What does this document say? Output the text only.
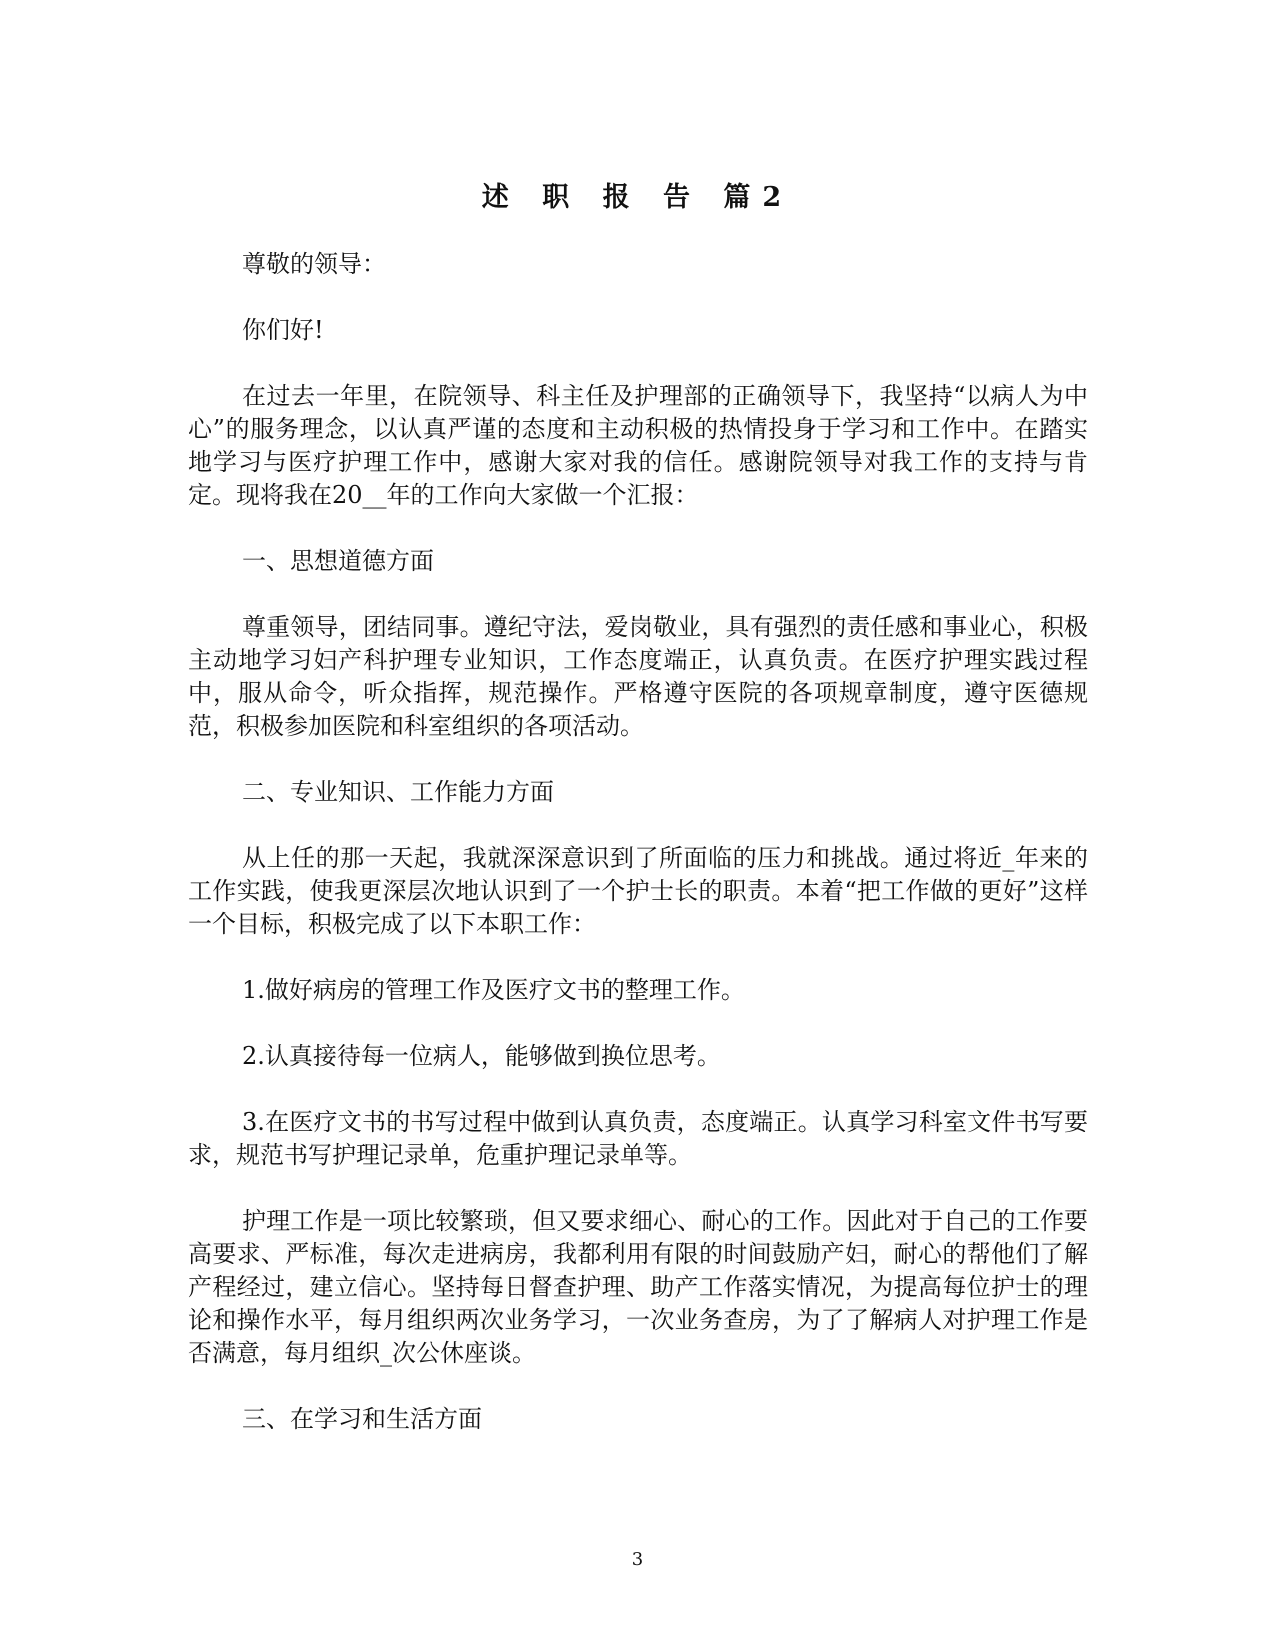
述 职 报 告 篇2

尊敬的领导：

你们好!

在过去一年里，在院领导、科主任及护理部的正确领导下，我坚持“以病人为中心”的服务理念，以认真严谨的态度和主动积极的热情投身于学习和工作中。在踏实地学习与医疗护理工作中，感谢大家对我的信任。感谢院领导对我工作的支持与肯定。现将我在20__年的工作向大家做一个汇报：

一、思想道德方面

尊重领导，团结同事。遵纪守法，爱岗敬业，具有强烈的责任感和事业心，积极主动地学习妇产科护理专业知识，工作态度端正，认真负责。在医疗护理实践过程中，服从命令，听众指挥，规范操作。严格遵守医院的各项规章制度，遵守医德规范，积极参加医院和科室组织的各项活动。

二、专业知识、工作能力方面

从上任的那一天起，我就深深意识到了所面临的压力和挑战。通过将近_年来的工作实践，使我更深层次地认识到了一个护士长的职责。本着“把工作做的更好”这样一个目标，积极完成了以下本职工作：

1.做好病房的管理工作及医疗文书的整理工作。

2.认真接待每一位病人，能够做到换位思考。

3.在医疗文书的书写过程中做到认真负责，态度端正。认真学习科室文件书写要求，规范书写护理记录单，危重护理记录单等。

护理工作是一项比较繁琐，但又要求细心、耐心的工作。因此对于自己的工作要高要求、严标准，每次走进病房，我都利用有限的时间鼓励产妇，耐心的帮他们了解产程经过，建立信心。坚持每日督查护理、助产工作落实情况，为提高每位护士的理论和操作水平，每月组织两次业务学习，一次业务查房，为了了解病人对护理工作是否满意，每月组织_次公休座谈。

三、在学习和生活方面

3
